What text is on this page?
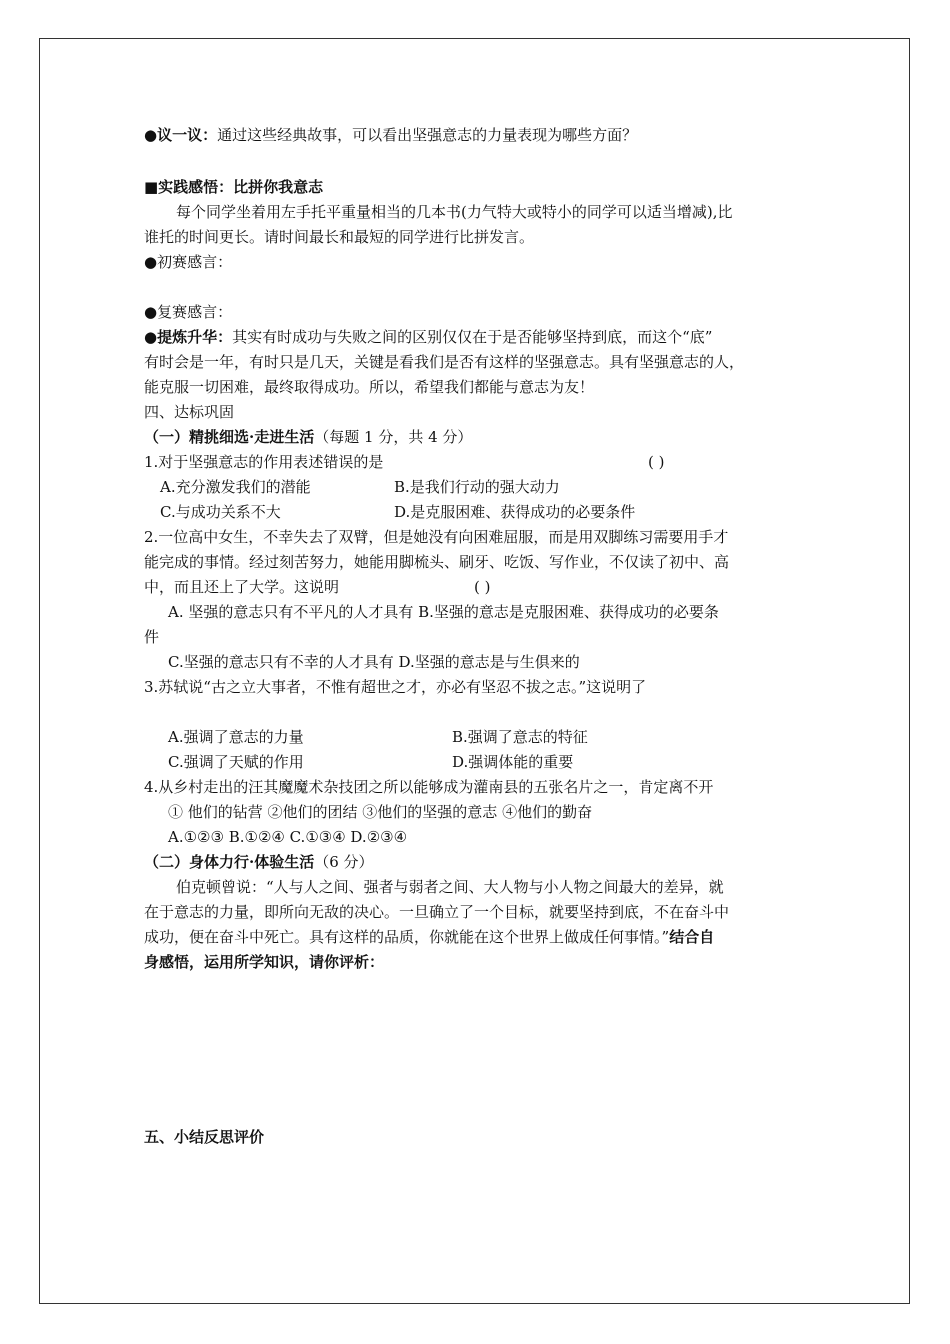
●议一议：通过这些经典故事，可以看出坚强意志的力量表现为哪些方面？
■实践感悟：比拼你我意志
每个同学坐着用左手托平重量相当的几本书(力气特大或特小的同学可以适当增减),比
谁托的时间更长。请时间最长和最短的同学进行比拼发言。
●初赛感言：
●复赛感言：
●提炼升华：其实有时成功与失败之间的区别仅仅在于是否能够坚持到底，而这个“底”
有时会是一年，有时只是几天，关键是看我们是否有这样的坚强意志。具有坚强意志的人，
能克服一切困难，最终取得成功。所以，希望我们都能与意志为友！
四、达标巩固
（一）精挑细选·走进生活（每题 1 分，共 4 分）
1.对于坚强意志的作用表述错误的是	( )
A.充分激发我们的潜能	B.是我们行动的强大动力
C.与成功关系不大	D.是克服困难、获得成功的必要条件
2.一位高中女生，不幸失去了双臂，但是她没有向困难屈服，而是用双脚练习需要用手才
能完成的事情。经过刻苦努力，她能用脚梳头、刷牙、吃饭、写作业，不仅读了初中、高
中，而且还上了大学。这说明	( )
A. 坚强的意志只有不平凡的人才具有 B.坚强的意志是克服困难、获得成功的必要条
件
C.坚强的意志只有不幸的人才具有 D.坚强的意志是与生俱来的
3.苏轼说“古之立大事者，不惟有超世之才，亦必有坚忍不拔之志。”这说明了
A.强调了意志的力量	B.强调了意志的特征
C.强调了天赋的作用	D.强调体能的重要
4.从乡村走出的汪其魔魔术杂技团之所以能够成为灌南县的五张名片之一，肯定离不开
① 他们的钻营 ②他们的团结 ③他们的坚强的意志 ④他们的勤奋
A.①②③ B.①②④ C.①③④ D.②③④
（二）身体力行·体验生活（6 分）
伯克顿曾说：“人与人之间、强者与弱者之间、大人物与小人物之间最大的差异，就
在于意志的力量，即所向无敌的决心。一旦确立了一个目标，就要坚持到底，不在奋斗中
成功，便在奋斗中死亡。具有这样的品质，你就能在这个世界上做成任何事情。”结合自
身感悟，运用所学知识，请你评析：
五、小结反思评价
